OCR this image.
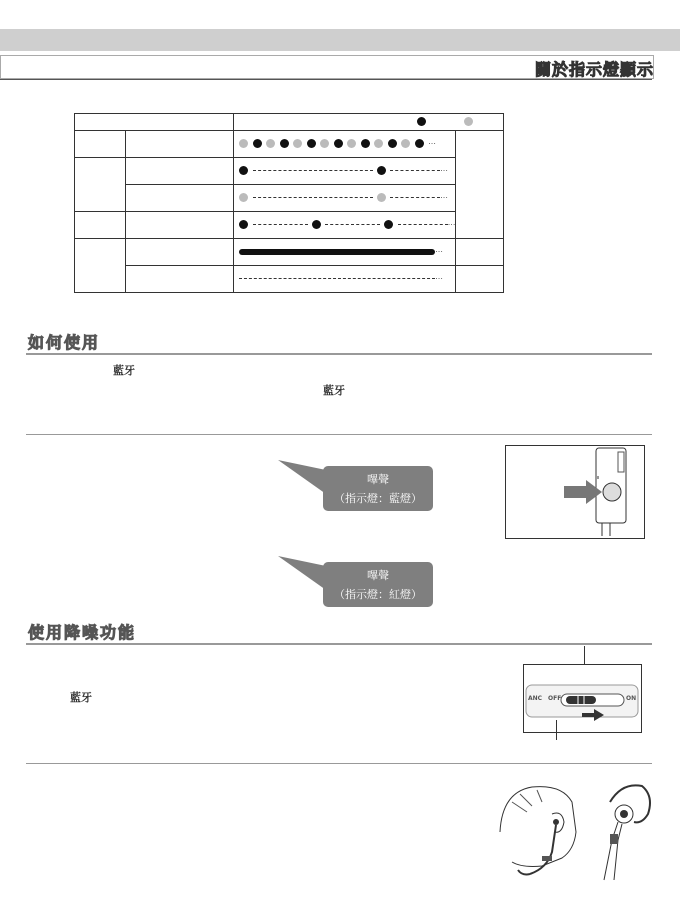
關於指示燈顯示

		···	
		···	
		···	
		···	
		···	
		···	
如何使用
藍牙
藍牙
嗶聲
（指示燈：藍燈）
嗶聲
（指示燈：紅燈）
使用降噪功能
藍牙	ANC OFF	ON
